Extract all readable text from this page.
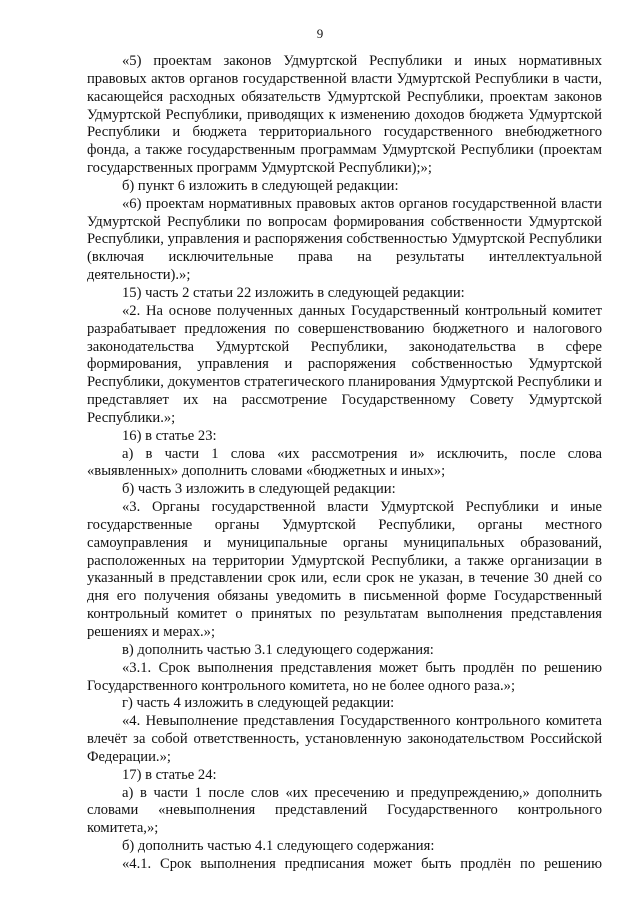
9

«5) проектам законов Удмуртской Республики и иных нормативных правовых актов органов государственной власти Удмуртской Республики в части, касающейся расходных обязательств Удмуртской Республики, проектам законов Удмуртской Республики, приводящих к изменению доходов бюджета Удмуртской Республики и бюджета территориального государственного внебюджетного фонда, а также государственным программам Удмуртской Республики (проектам государственных программ Удмуртской Республики);»;

б) пункт 6 изложить в следующей редакции:

«6) проектам нормативных правовых актов органов государственной власти Удмуртской Республики по вопросам формирования собственности Удмуртской Республики, управления и распоряжения собственностью Удмуртской Республики (включая исключительные права на результаты интеллектуальной деятельности).»;

15) часть 2 статьи 22 изложить в следующей редакции:

«2. На основе полученных данных Государственный контрольный комитет разрабатывает предложения по совершенствованию бюджетного и налогового законодательства Удмуртской Республики, законодательства в сфере формирования, управления и распоряжения собственностью Удмуртской Республики, документов стратегического планирования Удмуртской Республики и представляет их на рассмотрение Государственному Совету Удмуртской Республики.»;

16) в статье 23:

а) в части 1 слова «их рассмотрения и» исключить, после слова «выявленных» дополнить словами «бюджетных и иных»;

б) часть 3 изложить в следующей редакции:

«3. Органы государственной власти Удмуртской Республики и иные государственные органы Удмуртской Республики, органы местного самоуправления и муниципальные органы муниципальных образований, расположенных на территории Удмуртской Республики, а также организации в указанный в представлении срок или, если срок не указан, в течение 30 дней со дня его получения обязаны уведомить в письменной форме Государственный контрольный комитет о принятых по результатам выполнения представления решениях и мерах.»;

в) дополнить частью 3.1 следующего содержания:

«3.1. Срок выполнения представления может быть продлён по решению Государственного контрольного комитета, но не более одного раза.»;

г) часть 4 изложить в следующей редакции:

«4. Невыполнение представления Государственного контрольного комитета влечёт за собой ответственность, установленную законодательством Российской Федерации.»;

17) в статье 24:

а) в части 1 после слов «их пресечению и предупреждению,» дополнить словами «невыполнения представлений Государственного контрольного комитета,»;

б) дополнить частью 4.1 следующего содержания:

«4.1. Срок выполнения предписания может быть продлён по решению
